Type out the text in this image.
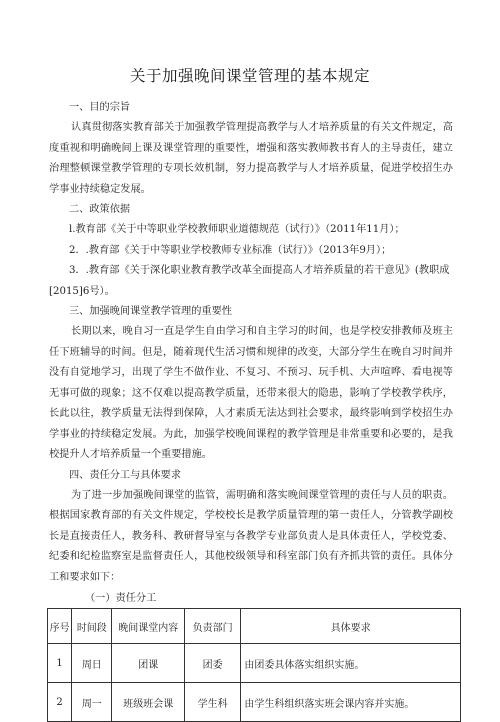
关于加强晚间课堂管理的基本规定

一、目的宗旨

认真贯彻落实教育部关于加强教学管理提高教学与人才培养质量的有关文件规定，高度重视和明确晚间上课及课堂管理的重要性，增强和落实教师教书育人的主导责任，建立治理整顿课堂教学管理的专项长效机制，努力提高教学与人才培养质量，促进学校招生办学事业持续稳定发展。

二、政策依据

l.教育部《关于中等职业学校教师职业道德规范（试行）》（2011年11月）；

2．.教育部《关于中等职业学校教师专业标准（试行）》（2013年9月）；

3．.教育部《关于深化职业教育教学改革全面提高人才培养质量的若干意见》(教职成[2015]6号）。

三、加强晚间课堂教学管理的重要性

长期以来，晚自习一直是学生自由学习和自主学习的时间，也是学校安排教师及班主任下班辅导的时间。但是，随着现代生活习惯和规律的改变，大部分学生在晚自习时间并没有自觉地学习，出现了学生不做作业、不复习、不预习、玩手机、大声喧哗、看电视等无事可做的现象；这不仅难以提高教学质量，还带来很大的隐患，影响了学校教学秩序，长此以往，教学质量无法得到保障，人才素质无法达到社会要求，最终影响到学校招生办学事业的持续稳定发展。为此，加强学校晚间课程的教学管理是非常重要和必要的，是我校提升人才培养质量一个重要措施。

四、责任分工与具体要求

为了进一步加强晚间课堂的监管，需明确和落实晚间课堂管理的责任与人员的职责。根据国家教育部的有关文件规定，学校校长是教学质量管理的第一责任人，分管教学副校长是直接责任人，教务科、教研督导室与各教学专业部负责人是具体责任人，学校党委、纪委和纪检监察室是监督责任人，其他校级领导和科室部门负有齐抓共管的责任。具体分工和要求如下：

（一）责任分工

序号	时间段	晚间课堂内容	负责部门	具体要求
1	周日	团课	团委	由团委具体落实组织实施。
2	周一	班级班会课	学生科	由学生科组织落实班会课内容并实施。
